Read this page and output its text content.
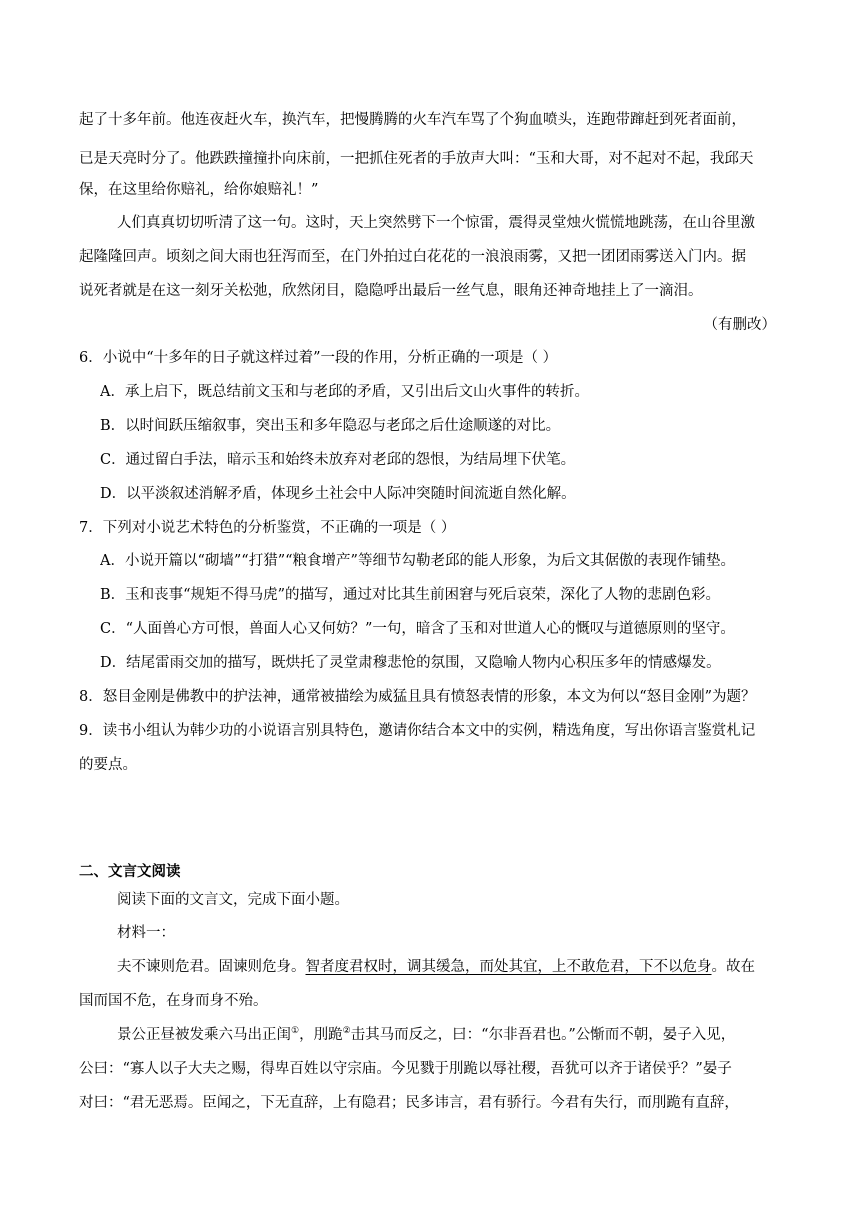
起了十多年前。他连夜赶火车，换汽车，把慢腾腾的火车汽车骂了个狗血喷头，连跑带蹿赶到死者面前，
已是天亮时分了。他跌跌撞撞扑向床前，一把抓住死者的手放声大叫：“玉和大哥，对不起对不起，我邱天
保，在这里给你赔礼，给你娘赔礼！”
人们真真切切听清了这一句。这时，天上突然劈下一个惊雷，震得灵堂烛火慌慌地跳荡，在山谷里激
起隆隆回声。顷刻之间大雨也狂泻而至，在门外拍过白花花的一浪浪雨雾，又把一团团雨雾送入门内。据
说死者就是在这一刻牙关松弛，欣然闭目，隐隐呼出最后一丝气息，眼角还神奇地挂上了一滴泪。
（有删改）
6．小说中“十多年的日子就这样过着”一段的作用，分析正确的一项是（ ）
A．承上启下，既总结前文玉和与老邱的矛盾，又引出后文山火事件的转折。
B．以时间跃压缩叙事，突出玉和多年隐忍与老邱之后仕途顺遂的对比。
C．通过留白手法，暗示玉和始终未放弃对老邱的怨恨，为结局埋下伏笔。
D．以平淡叙述消解矛盾，体现乡土社会中人际冲突随时间流逝自然化解。
7．下列对小说艺术特色的分析鉴赏，不正确的一项是（ ）
A．小说开篇以“砌墙”“打猎”“粮食增产”等细节勾勒老邱的能人形象，为后文其倨傲的表现作铺垫。
B．玉和丧事“规矩不得马虎”的描写，通过对比其生前困窘与死后哀荣，深化了人物的悲剧色彩。
C．“人面兽心方可恨，兽面人心又何妨？”一句，暗含了玉和对世道人心的慨叹与道德原则的坚守。
D．结尾雷雨交加的描写，既烘托了灵堂肃穆悲怆的氛围，又隐喻人物内心积压多年的情感爆发。
8．怒目金刚是佛教中的护法神，通常被描绘为威猛且具有愤怒表情的形象，本文为何以“怒目金刚”为题？
9．读书小组认为韩少功的小说语言别具特色，邀请你结合本文中的实例，精选角度，写出你语言鉴赏札记
的要点。
二、文言文阅读
阅读下面的文言文，完成下面小题。
材料一：
夫不谏则危君。固谏则危身。智者度君权时，调其缓急，而处其宜，上不敢危君，下不以危身。故在
国而国不危，在身而身不殆。
景公正昼被发乘六马出正闺①，刖跪②击其马而反之，曰：“尔非吾君也。”公惭而不朝，晏子入见，
公曰：“寡人以子大夫之赐，得卑百姓以守宗庙。今见戮于刖跪以辱社稷，吾犹可以齐于诸侯乎？”晏子
对曰：“君无恶焉。臣闻之，下无直辞，上有隐君；民多讳言，君有骄行。今君有失行，而刖跪有直辞，
